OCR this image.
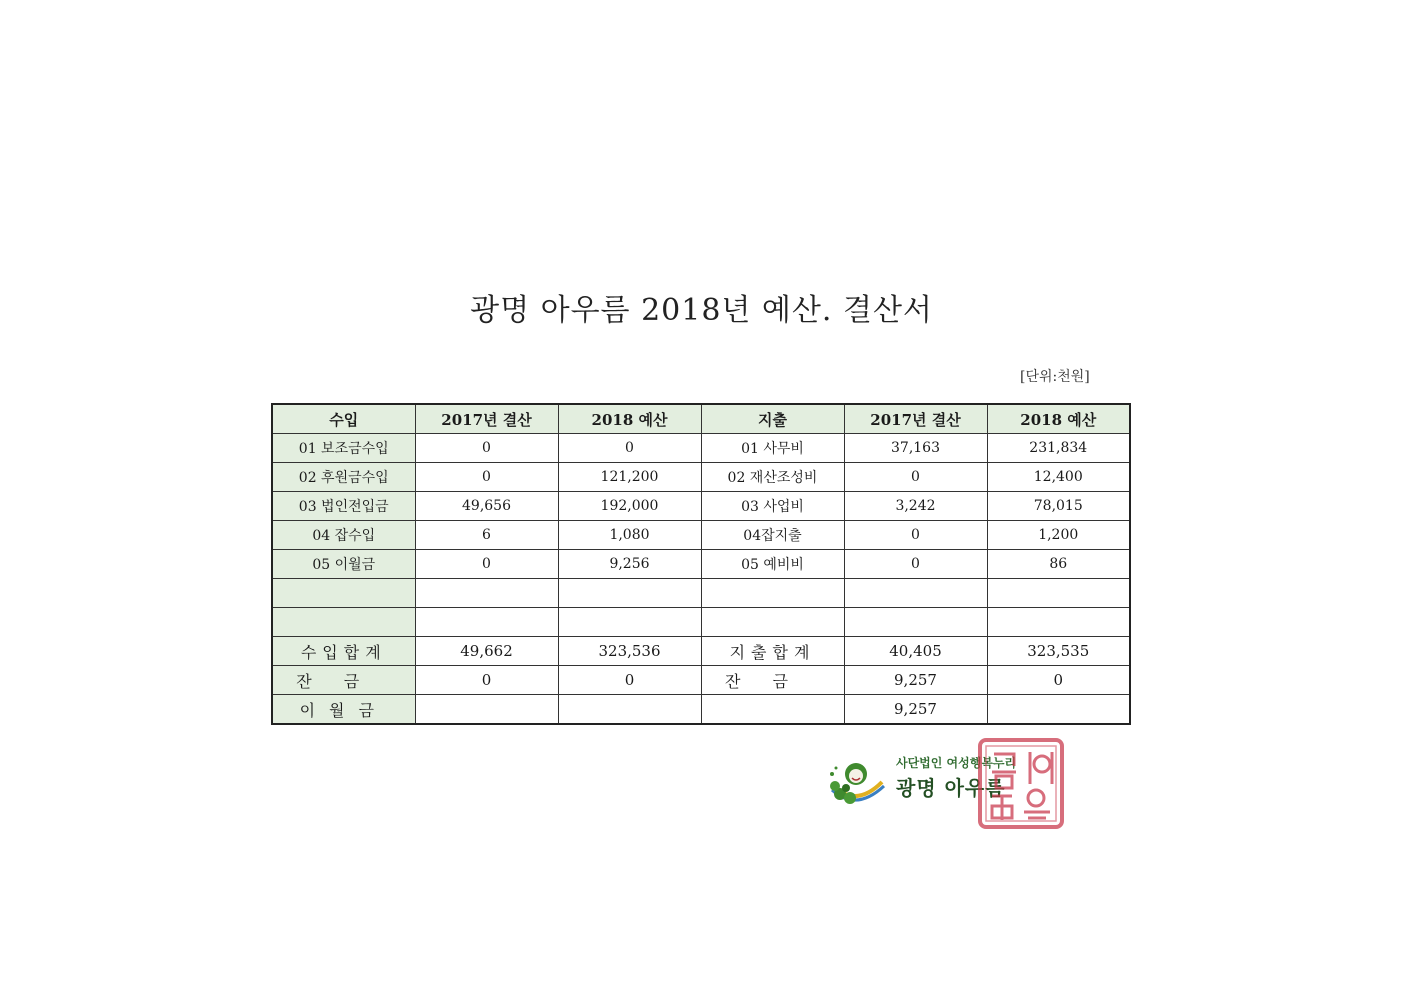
광명 아우름 2018년 예산. 결산서
[단위:천원]
수입	2017년 결산	2018 예산	지출	2017년 결산	2018 예산
01 보조금수입	0	0	01 사무비	37,163	231,834
02 후원금수입	0	121,200	02 재산조성비	0	12,400
03 법인전입금	49,656	192,000	03 사업비	3,242	78,015
04 잡수입	6	1,080	04잡지출	0	1,200
05 이월금	0	9,256	05 예비비	0	86

수입합계	49,662	323,536	지출합계	40,405	323,535
잔금	0	0	잔금	9,257	0
이월금				9,257	
사단법인 여성행복누리
광명 아우름
